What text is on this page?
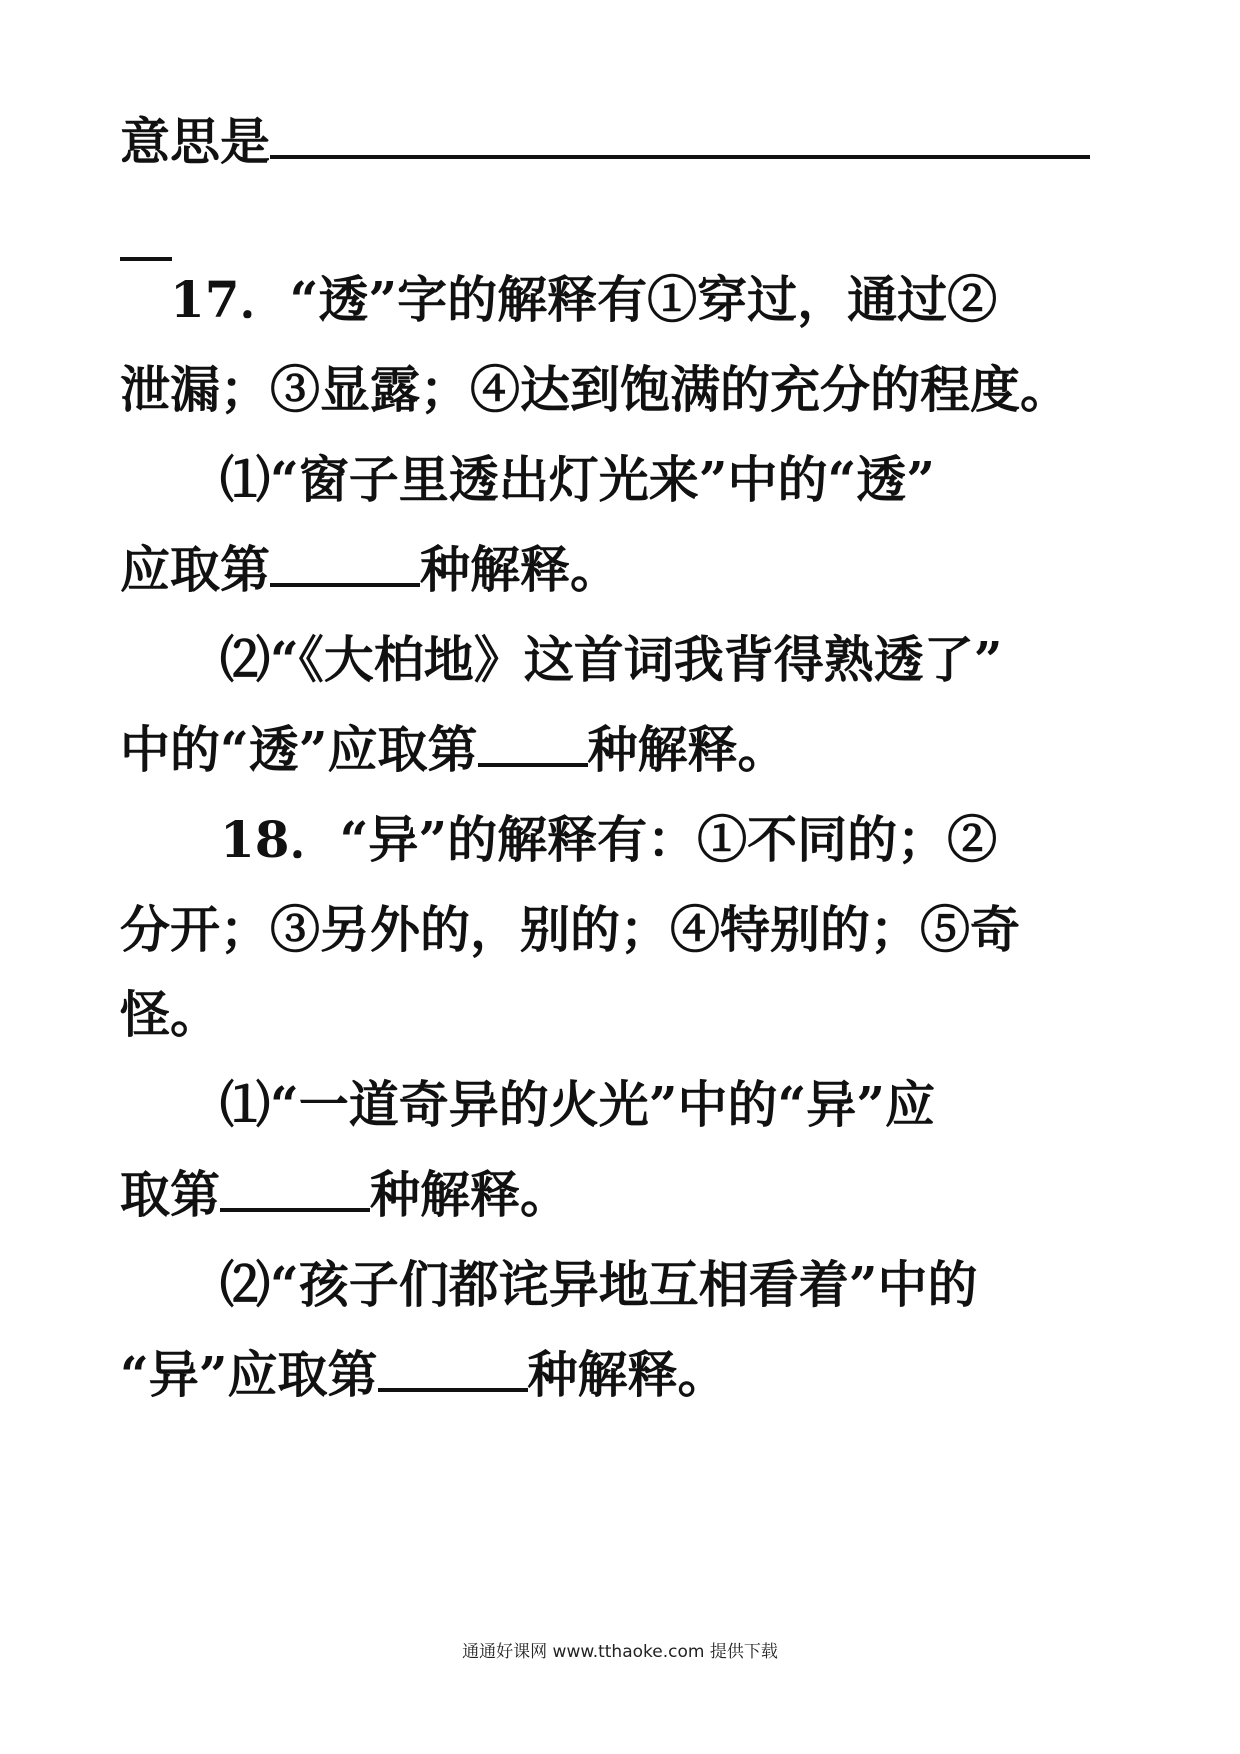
意思是
17．“透”字的解释有①穿过，通过②
泄漏；③显露；④达到饱满的充分的程度。
⑴“窗子里透出灯光来”中的“透”
应取第	种解释。
⑵“《大柏地》这首词我背得熟透了”
中的“透”应取第 种解释。
18．“异”的解释有：①不同的；②
分开；③另外的，别的；④特别的；⑤奇
怪。
⑴“一道奇异的火光”中的“异”应
取第	种解释。
⑵“孩子们都诧异地互相看着”中的
“异”应取第	种解释。
通通好课网 www.tthaoke.com 提供下载
